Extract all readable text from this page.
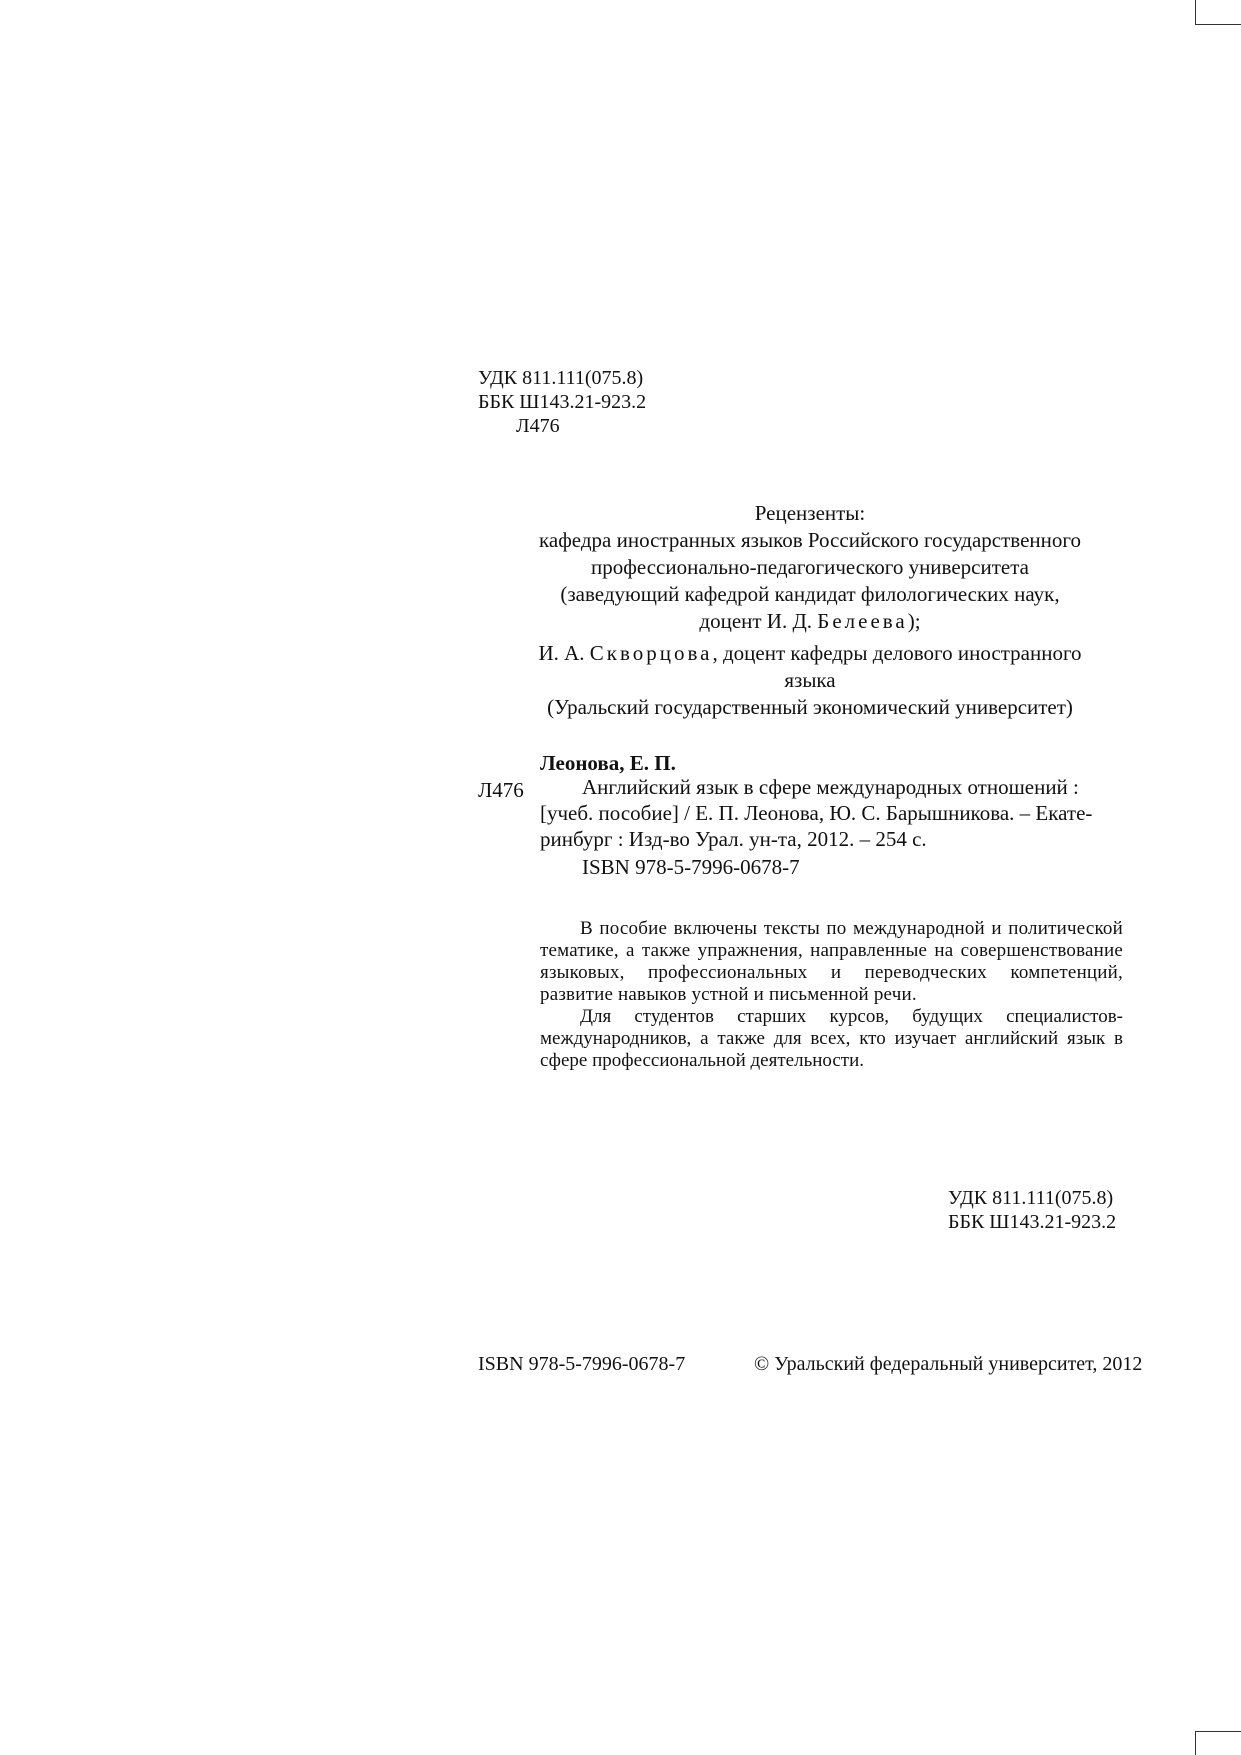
УДК 811.111(075.8)
ББК Ш143.21-923.2
Л476
Рецензенты:
кафедра иностранных языков Российского государственного
профессионально-педагогического университета
(заведующий кафедрой кандидат филологических наук,
доцент И. Д. Белеева);
И. А. Скворцова, доцент кафедры делового иностранного
языка
(Уральский государственный экономический университет)
Леонова, Е. П.
Л476	Английский язык в сфере международных отношений :
[учеб. пособие] / Е. П. Леонова, Ю. С. Барышникова. – Екате-
ринбург : Изд-во Урал. ун-та, 2012. – 254 с.
ISBN 978-5-7996-0678-7

В пособие включены тексты по международной и политической тематике, а также упражнения, направленные на совершенствование языковых, профессиональных и переводческих компетенций, развитие навыков устной и письменной речи.

Для студентов старших курсов, будущих специалистов-международников, а также для всех, кто изучает английский язык в сфере профессиональной деятельности.

УДК 811.111(075.8)
ББК Ш143.21-923.2
ISBN 978-5-7996-0678-7	© Уральский федеральный университет, 2012
